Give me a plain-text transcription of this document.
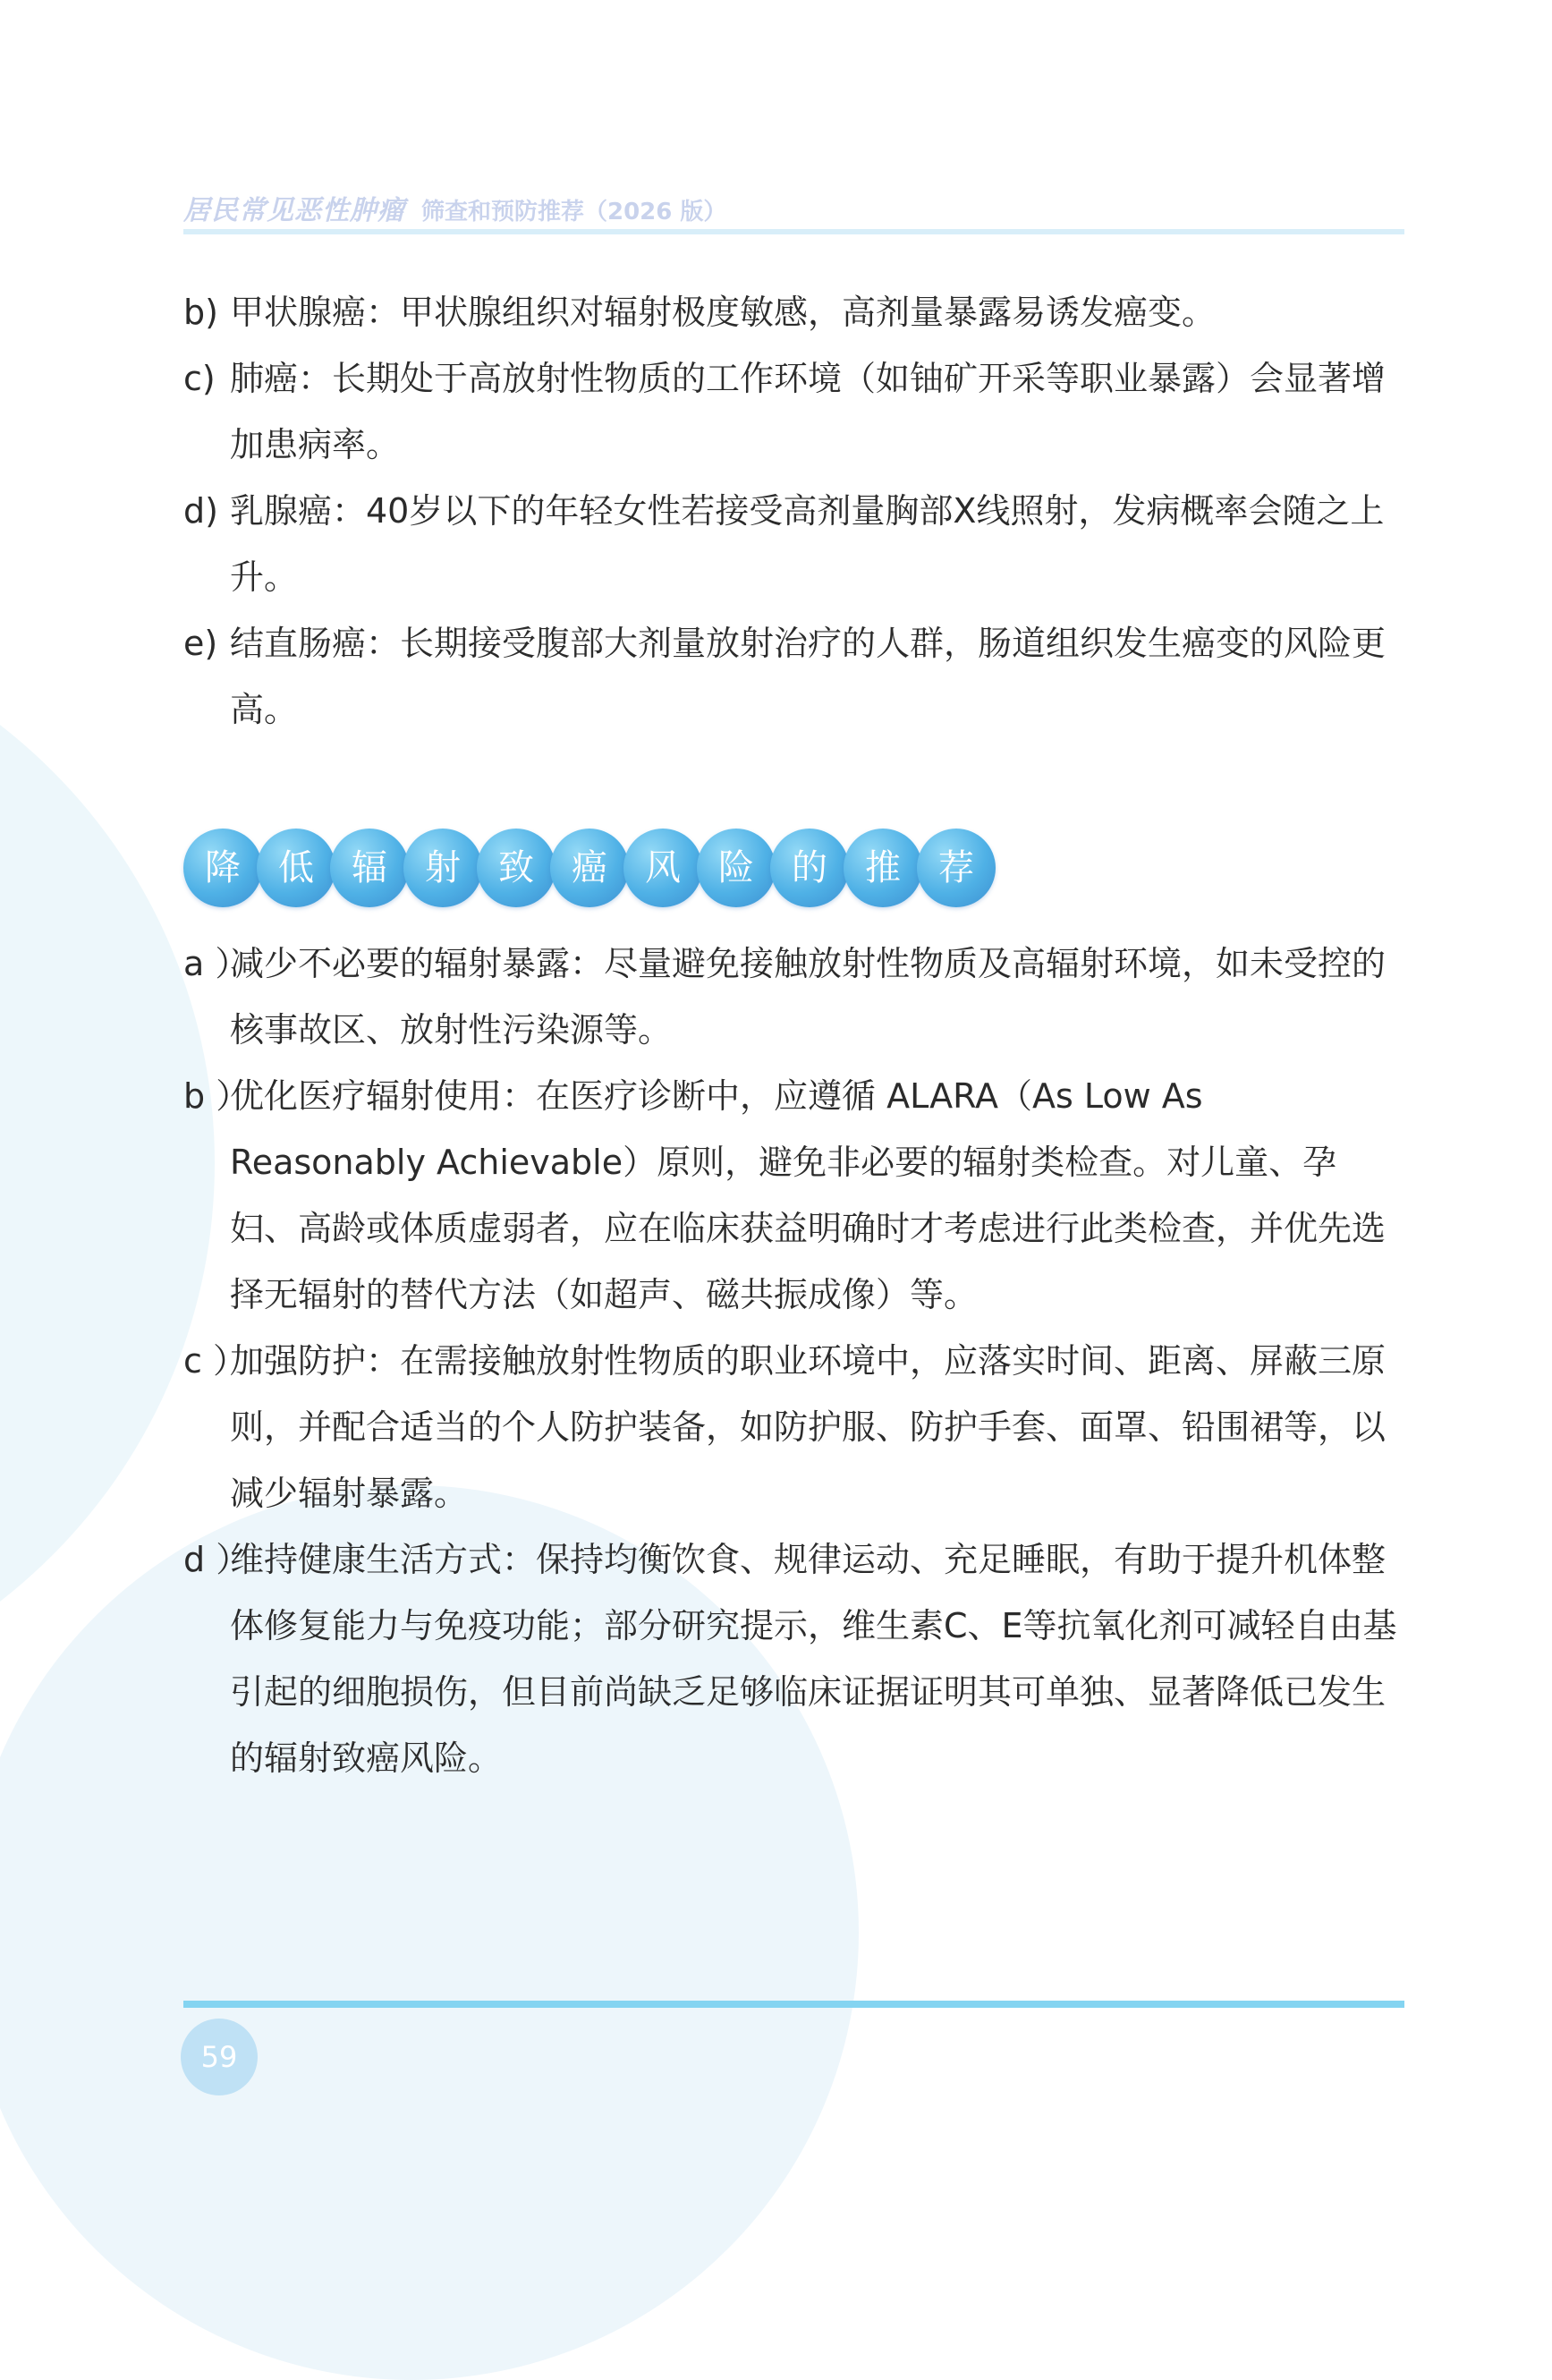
居民常见恶性肿瘤 筛查和预防推荐（2026 版）
b) 甲状腺癌：甲状腺组织对辐射极度敏感，高剂量暴露易诱发癌变。
c) 肺癌：长期处于高放射性物质的工作环境（如铀矿开采等职业暴露）会显著增加患病率。
d) 乳腺癌：40岁以下的年轻女性若接受高剂量胸部X线照射，发病概率会随之上升。
e) 结直肠癌：长期接受腹部大剂量放射治疗的人群，肠道组织发生癌变的风险更高。
降	低	辐	射	致	癌	风	险	的	推	荐
a ）
减少不必要的辐射暴露：尽量避免接触放射性物质及高辐射环境，如未受控的核事故区、放射性污染源等。
b ）
优化医疗辐射使用：在医疗诊断中，应遵循 ALARA（As Low As Reasonably Achievable）原则，避免非必要的辐射类检查。对儿童、孕妇、高龄或体质虚弱者，应在临床获益明确时才考虑进行此类检查，并优先选择无辐射的替代方法（如超声、磁共振成像）等。
c ）
加强防护：在需接触放射性物质的职业环境中，应落实时间、距离、屏蔽三原则，并配合适当的个人防护装备，如防护服、防护手套、面罩、铅围裙等，以减少辐射暴露。
d ）
维持健康生活方式：保持均衡饮食、规律运动、充足睡眠，有助于提升机体整体修复能力与免疫功能；部分研究提示，维生素C、E等抗氧化剂可减轻自由基引起的细胞损伤，但目前尚缺乏足够临床证据证明其可单独、显著降低已发生的辐射致癌风险。
59
